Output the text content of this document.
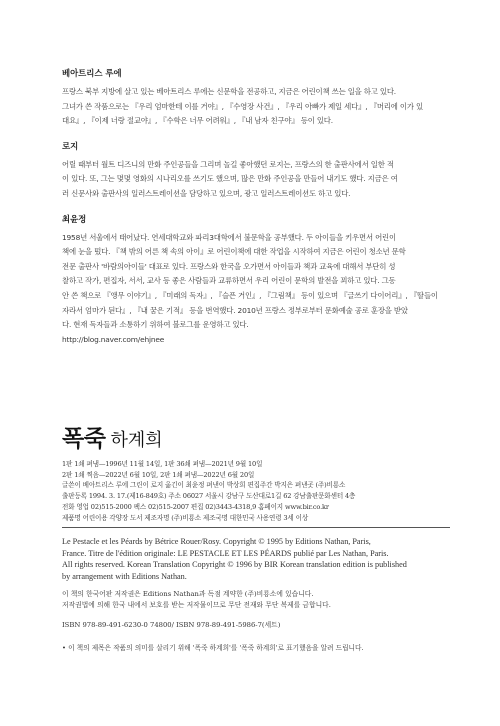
베아트리스 루에

프랑스 북부 지방에 살고 있는 베아트리스 루에는 신문학을 전공하고, 지금은 어린이책 쓰는 일을 하고 있다.

그녀가 쓴 작품으로는 『우리 엄마한테 이를 거야』, 『수영장 사건』, 『우리 아빠가 제일 세다』, 『머리에 이가 있

대요』, 『이제 너랑 절교야』, 『수학은 너무 어려워』, 『내 남자 친구야』 등이 있다.

로지

어릴 때부터 월트 디즈니의 만화 주인공들을 그리며 놀길 좋아했던 로지는, 프랑스의 한 출판사에서 일한 적

이 있다. 또, 그는 몇몇 영화의 시나리오를 쓰기도 했으며, 많은 만화 주인공을 만들어 내기도 했다. 지금은 여

러 신문사와 출판사의 일러스트레이션을 담당하고 있으며, 광고 일러스트레이션도 하고 있다.

최윤정

1958년 서울에서 태어났다. 연세대학교와 파리3대학에서 불문학을 공부했다. 두 아이들을 키우면서 어린이

책에 눈을 떴다. 『책 밖의 어른 책 속의 아이』로 어린이책에 대한 작업을 시작하여 지금은 어린이 청소년 문학

전문 출판사 '바람의아이들' 대표로 있다. 프랑스와 한국을 오가면서 아이들과 책과 교육에 대해서 부단히 성

찰하고 작가, 편집자, 서서, 교사 등 좋은 사람들과 교류하면서 우리 어린이 문학의 발전을 꾀하고 있다. 그동

안 쓴 책으로 『앵무 이야기』, 『미래의 독자』, 『슬픈 거인』, 『그림책』 등이 있으며 『글쓰기 다이어리』, 『딸들이

자라서 엄마가 된다』, 『내 꿈은 기적』 등을 번역했다. 2010년 프랑스 정부로부터 문화예술 공로 훈장을 받았

다. 현재 독자들과 소통하기 위하여 블로그를 운영하고 있다.

http://blog.naver.com/ehjnee

폭죽 하계희

1판 1쇄 펴냄—1996년 11월 14일, 1판 36쇄 펴냄—2021년 9월 10일

2판 1쇄 찍음—2022년 6월 10일, 2판 1쇄 펴냄—2022년 6월 20일

글쓴이 베아트리스 루에 그린이 로지 옮긴이 최윤정 펴낸이 박상희 편집주간 박지은 펴낸곳 (주)비룡소

출판등록 1994. 3. 17.(제16-849호) 주소 06027 서울시 강남구 도산대로1길 62 강남출판문화센터 4층

전화 영업 02)515-2000 팩스 02)515-2007 편집 02)3443-4318,9 홈페이지 www.bir.co.kr

제품명 어린이용 각양장 도서 제조자명 (주)비룡소 제조국명 대한민국 사용연령 3세 이상

Le Pestacle et les Péards by Bétrice Rouer/Rosy. Copyright © 1995 by Editions Nathan, Paris,

France. Titre de l'édition originale: LE PESTACLE ET LES PÉARDS publié par Les Nathan, Paris.

All rights reserved. Korean Translation Copyright © 1996 by BIR Korean translation edition is published

by arrangement with Editions Nathan.

이 책의 한국어판 저작권은 Editions Nathan과 독점 계약한 (주)비룡소에 있습니다.

저작권법에 의해 한국 내에서 보호를 받는 저작물이므로 무단 전재와 무단 복제를 금합니다.

ISBN 978-89-491-6230-0 74800/ ISBN 978-89-491-5986-7(세트)
• 이 책의 제목은 작품의 의미를 살리기 위해 '폭죽 하계희'를 '폭죽 하계희'로 표기했음을 알려 드립니다.
